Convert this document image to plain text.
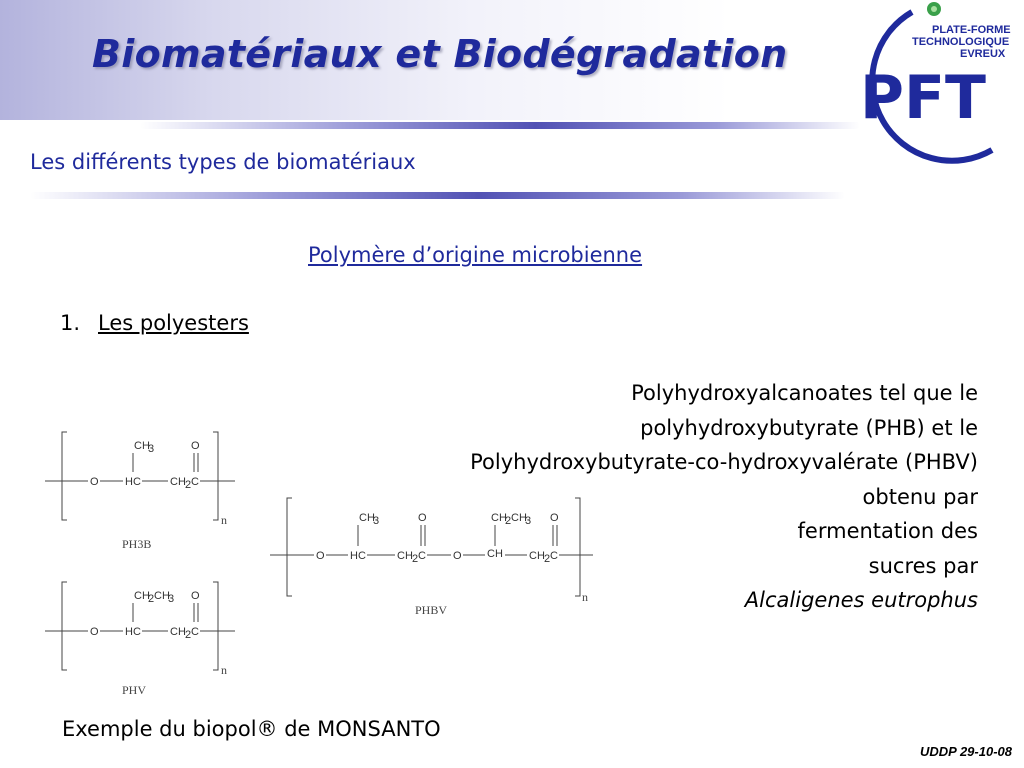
Biomatériaux et Biodégradation
Les différents types de biomatériaux
PLATE-FORME
TECHNOLOGIQUE
EVREUX
PFT
Polymère d’origine microbienne
1. Les polyesters
Polyhydroxyalcanoates tel que le
polyhydroxybutyrate (PHB) et le
Polyhydroxybutyrate-co-hydroxyvalérate (PHBV)
obtenu par
fermentation des
sucres par
Alcaligenes eutrophus
O HC	CH 2 C
CH
3	O
n
PH3B
O HC	CH 2 C
CH
2 CH
3 O
n
PHV
O HC	CH 2 C O CH CH 2 C
CH
3	O	CH
2 CH
3 O
n
PHBV
Exemple du biopol® de MONSANTO
UDDP 29-10-08
